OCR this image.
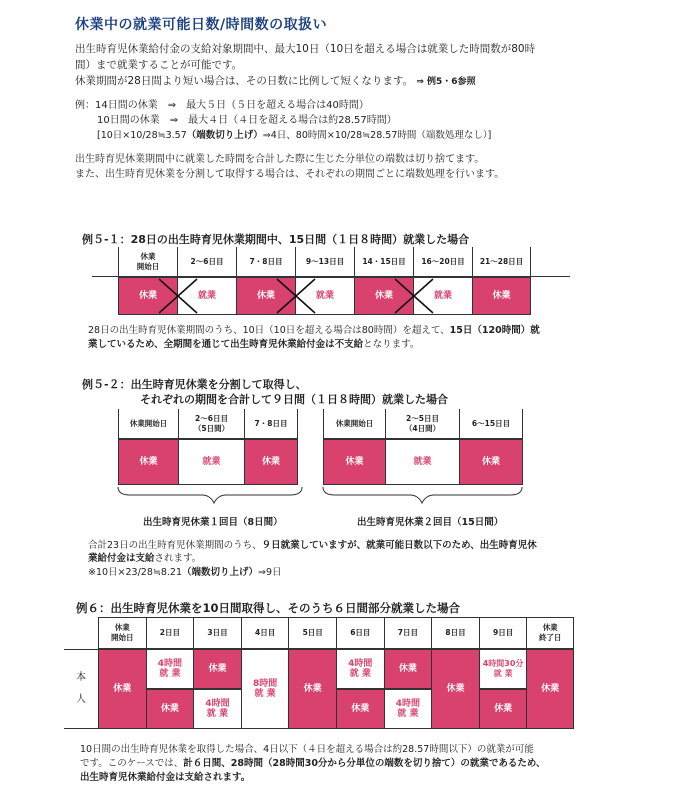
休業中の就業可能日数/時間数の取扱い
出生時育児休業給付金の支給対象期間中、最大10日（10日を超える場合は就業した時間数が80時
間）まで就業することが可能です。
休業期間が28日間より短い場合は、その日数に比例して短くなります。 ⇒ 例5・6参照
例：14日間の休業　⇒　最大５日（５日を超える場合は40時間）
10日間の休業　⇒　最大４日（４日を超える場合は約28.57時間）
[10日×10/28≒3.57（端数切り上げ）⇒4日、80時間×10/28≒28.57時間（端数処理なし）]
出生時育児休業期間中に就業した時間を合計した際に生じた分単位の端数は切り捨てます。
また、出生時育児休業を分割して取得する場合は、それぞれの期間ごとに端数処理を行います。
例５-１：28日の出生時育児休業期間中、15日間（１日８時間）就業した場合
休業
開始日
休業
2～6日目
就業
7・8日目
休業
9～13日目
就業
14・15日目
休業
16～20日目
就業
21～28日目
休業
28日の出生時育児休業期間のうち、10日（10日を超える場合は80時間）を超えて、15日（120時間）就
業しているため、全期間を通じて出生時育児休業給付金は不支給となります。
例５-２：出生時育児休業を分割して取得し、
それぞれの期間を合計して９日間（１日８時間）就業した場合
休業開始日
休業
2～6日目
（5日間）
就業
7・8日目
休業
休業開始日
休業
2～5日目
（4日間）
就業
6～15日目
休業
出生時育児休業１回目（8日間）	出生時育児休業２回目（15日間）
合計23日の出生時育児休業期間のうち、９日就業していますが、就業可能日数以下のため、出生時育児休
業給付金は支給されます。
※10日×23/28≒8.21（端数切り上げ）⇒9日
例６：出生時育児休業を10日間取得し、そのうち６日間部分就業した場合
本
人
休業
開始日
休業
2日目
4時間
就 業
休業
3日目
休業
4時間
就 業
4日目
8時間
就 業
5日目
休業
6日目
4時間
就 業
休業
7日目
休業
4時間
就 業
8日目
休業
9日目
4時間30分
就 業
休業
休業
終了日
休業
10日間の出生時育児休業を取得した場合、4日以下（４日を超える場合は約28.57時間以下）の就業が可能
です。このケースでは、計６日間、28時間（28時間30分から分単位の端数を切り捨て）の就業であるため、
出生時育児休業給付金は支給されます。
